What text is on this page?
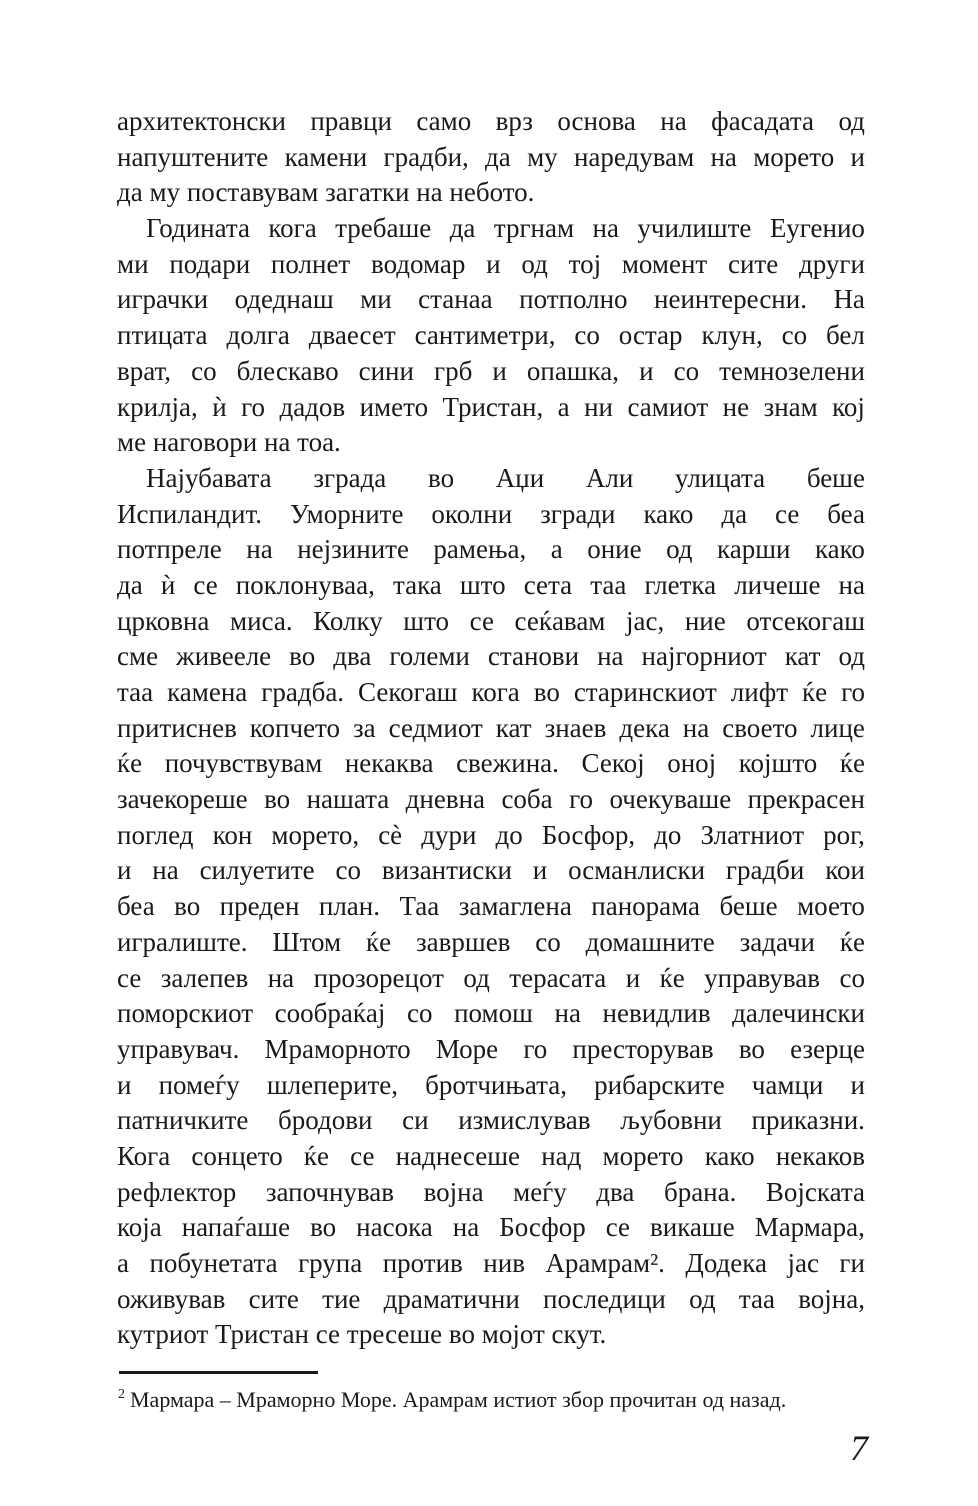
архитектонски правци само врз основа на фасадата од
напуштените камени градби, да му наредувам на морето и
да му поставувам загатки на небото.
Годината кога требаше да тргнам на училиште Еугенио
ми подари полнет водомар и од тој момент сите други
играчки одеднаш ми станаа потполно неинтересни. На
птицата долга дваесет сантиметри, со остар клун, со бел
врат, со блескаво сини грб и опашка, и со темнозелени
крилја, ѝ го дадов името Тристан, а ни самиот не знам кој
ме наговори на тоа.
Најубавата зграда во Аџи Али улицата беше
Испиландит. Уморните околни згради како да се беа
потпреле на нејзините рамења, а оние од карши како
да ѝ се поклонуваа, така што сета таа глетка личеше на
црковна миса. Колку што се сеќавам јас, ние отсекогаш
сме живееле во два големи станови на најгорниот кат од
таа камена градба. Секогаш кога во старинскиот лифт ќе го
притиснев копчето за седмиот кат знаев дека на своето лице
ќе почувствувам некаква свежина. Секој оној којшто ќе
зачекореше во нашата дневна соба го очекуваше прекрасен
поглед кон морето, сè дури до Босфор, до Златниот рог,
и на силуетите со византиски и османлиски градби кои
беа во преден план. Таа замаглена панорама беше моето
игралиште. Штом ќе завршев со домашните задачи ќе
се залепев на прозорецот од терасата и ќе управував со
поморскиот сообраќај со помош на невидлив далечински
управувач. Мраморното Море го престорував во езерце
и помеѓу шлеперите, бротчињата, рибарските чамци и
патничките бродови си измислував љубовни приказни.
Кога сонцето ќе се наднесеше над морето како некаков
рефлектор започнував војна меѓу два брана. Војската
која напаѓаше во насока на Босфор се викаше Мармара,
а побунетата група против нив Арамрам². Додека јас ги
оживував сите тие драматични последици од таа војна,
кутриот Тристан се тресеше во мојот скут.
$^2$ Мармара – Мраморно Море. Арамрам истиот збор прочитан од назад.
7
